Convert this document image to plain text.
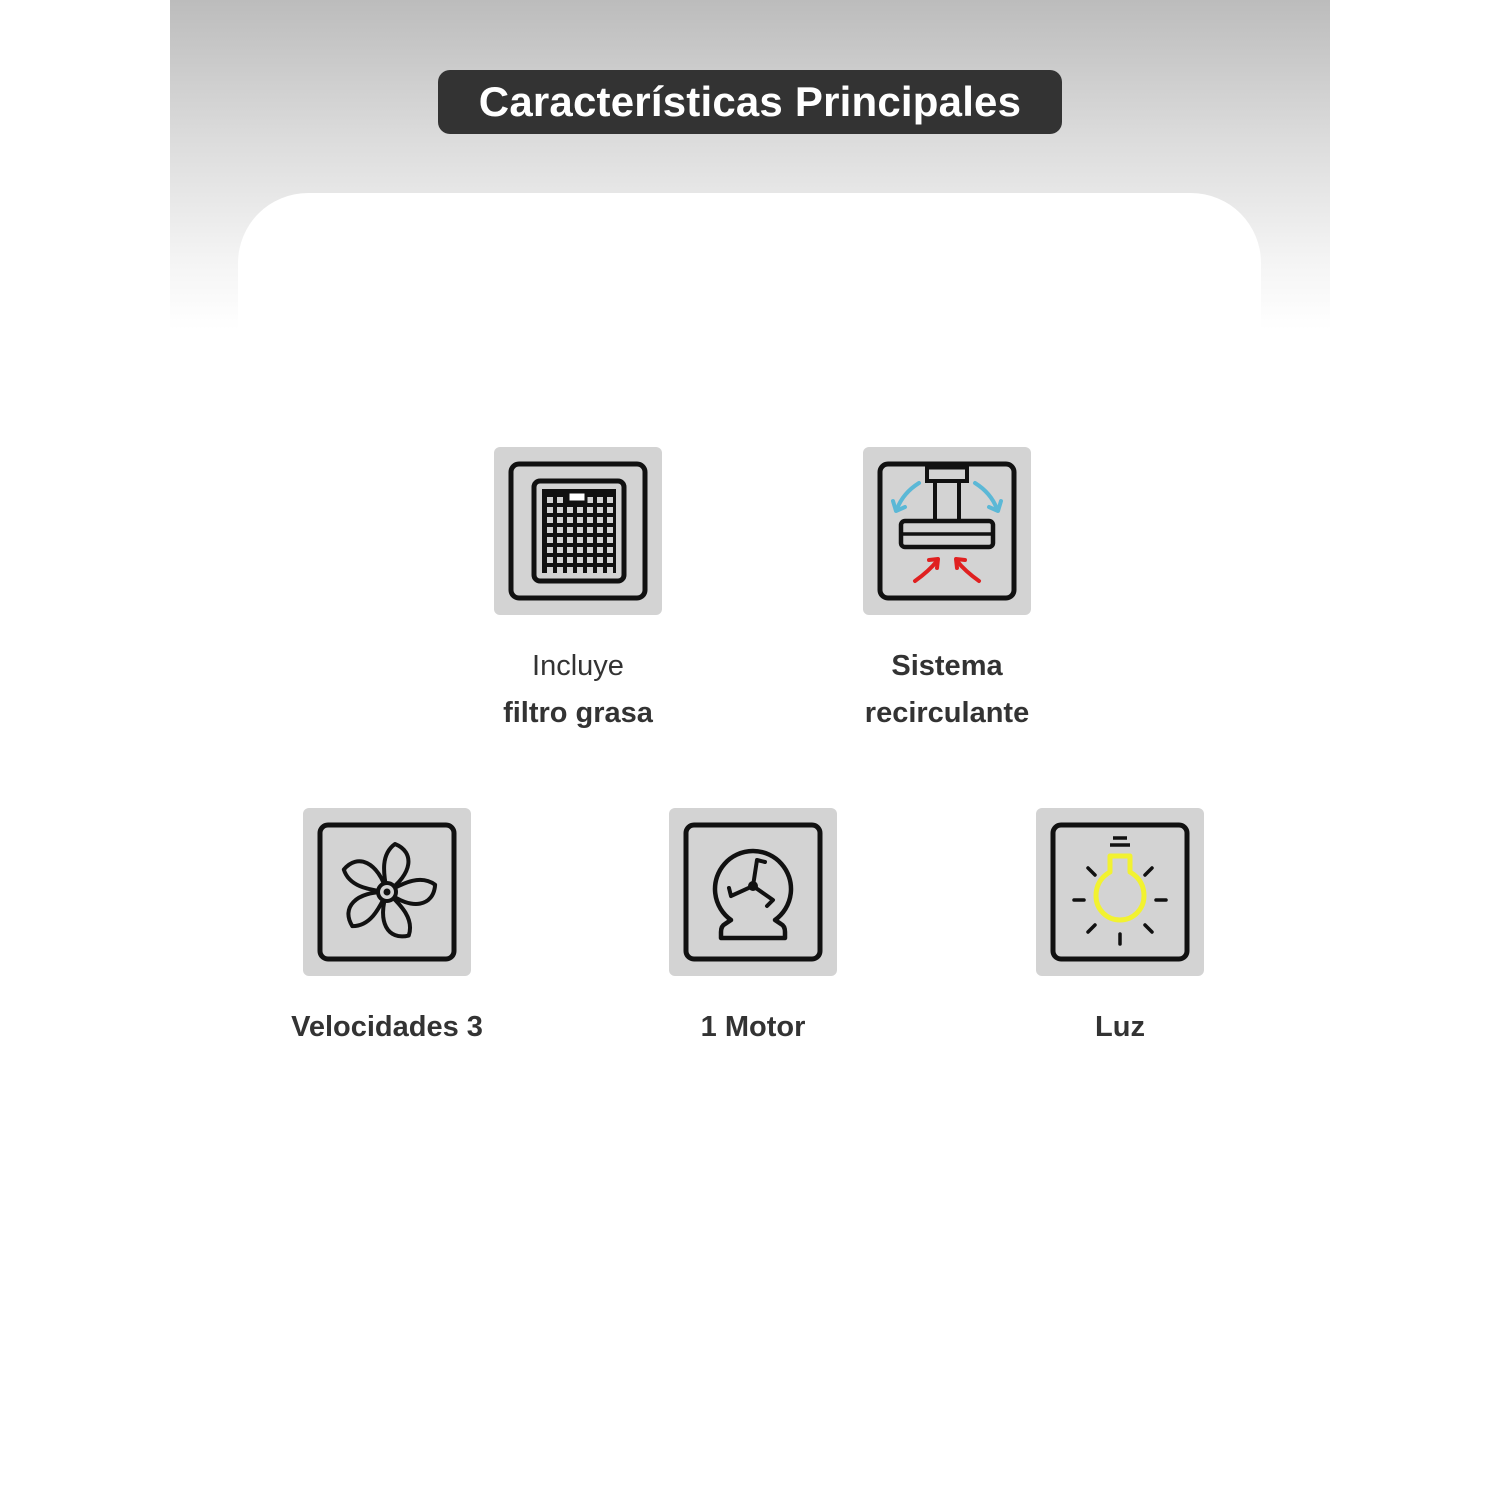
Características Principales
Incluye
filtro grasa
Sistema
recirculante
Velocidades 3	1 Motor	Luz
